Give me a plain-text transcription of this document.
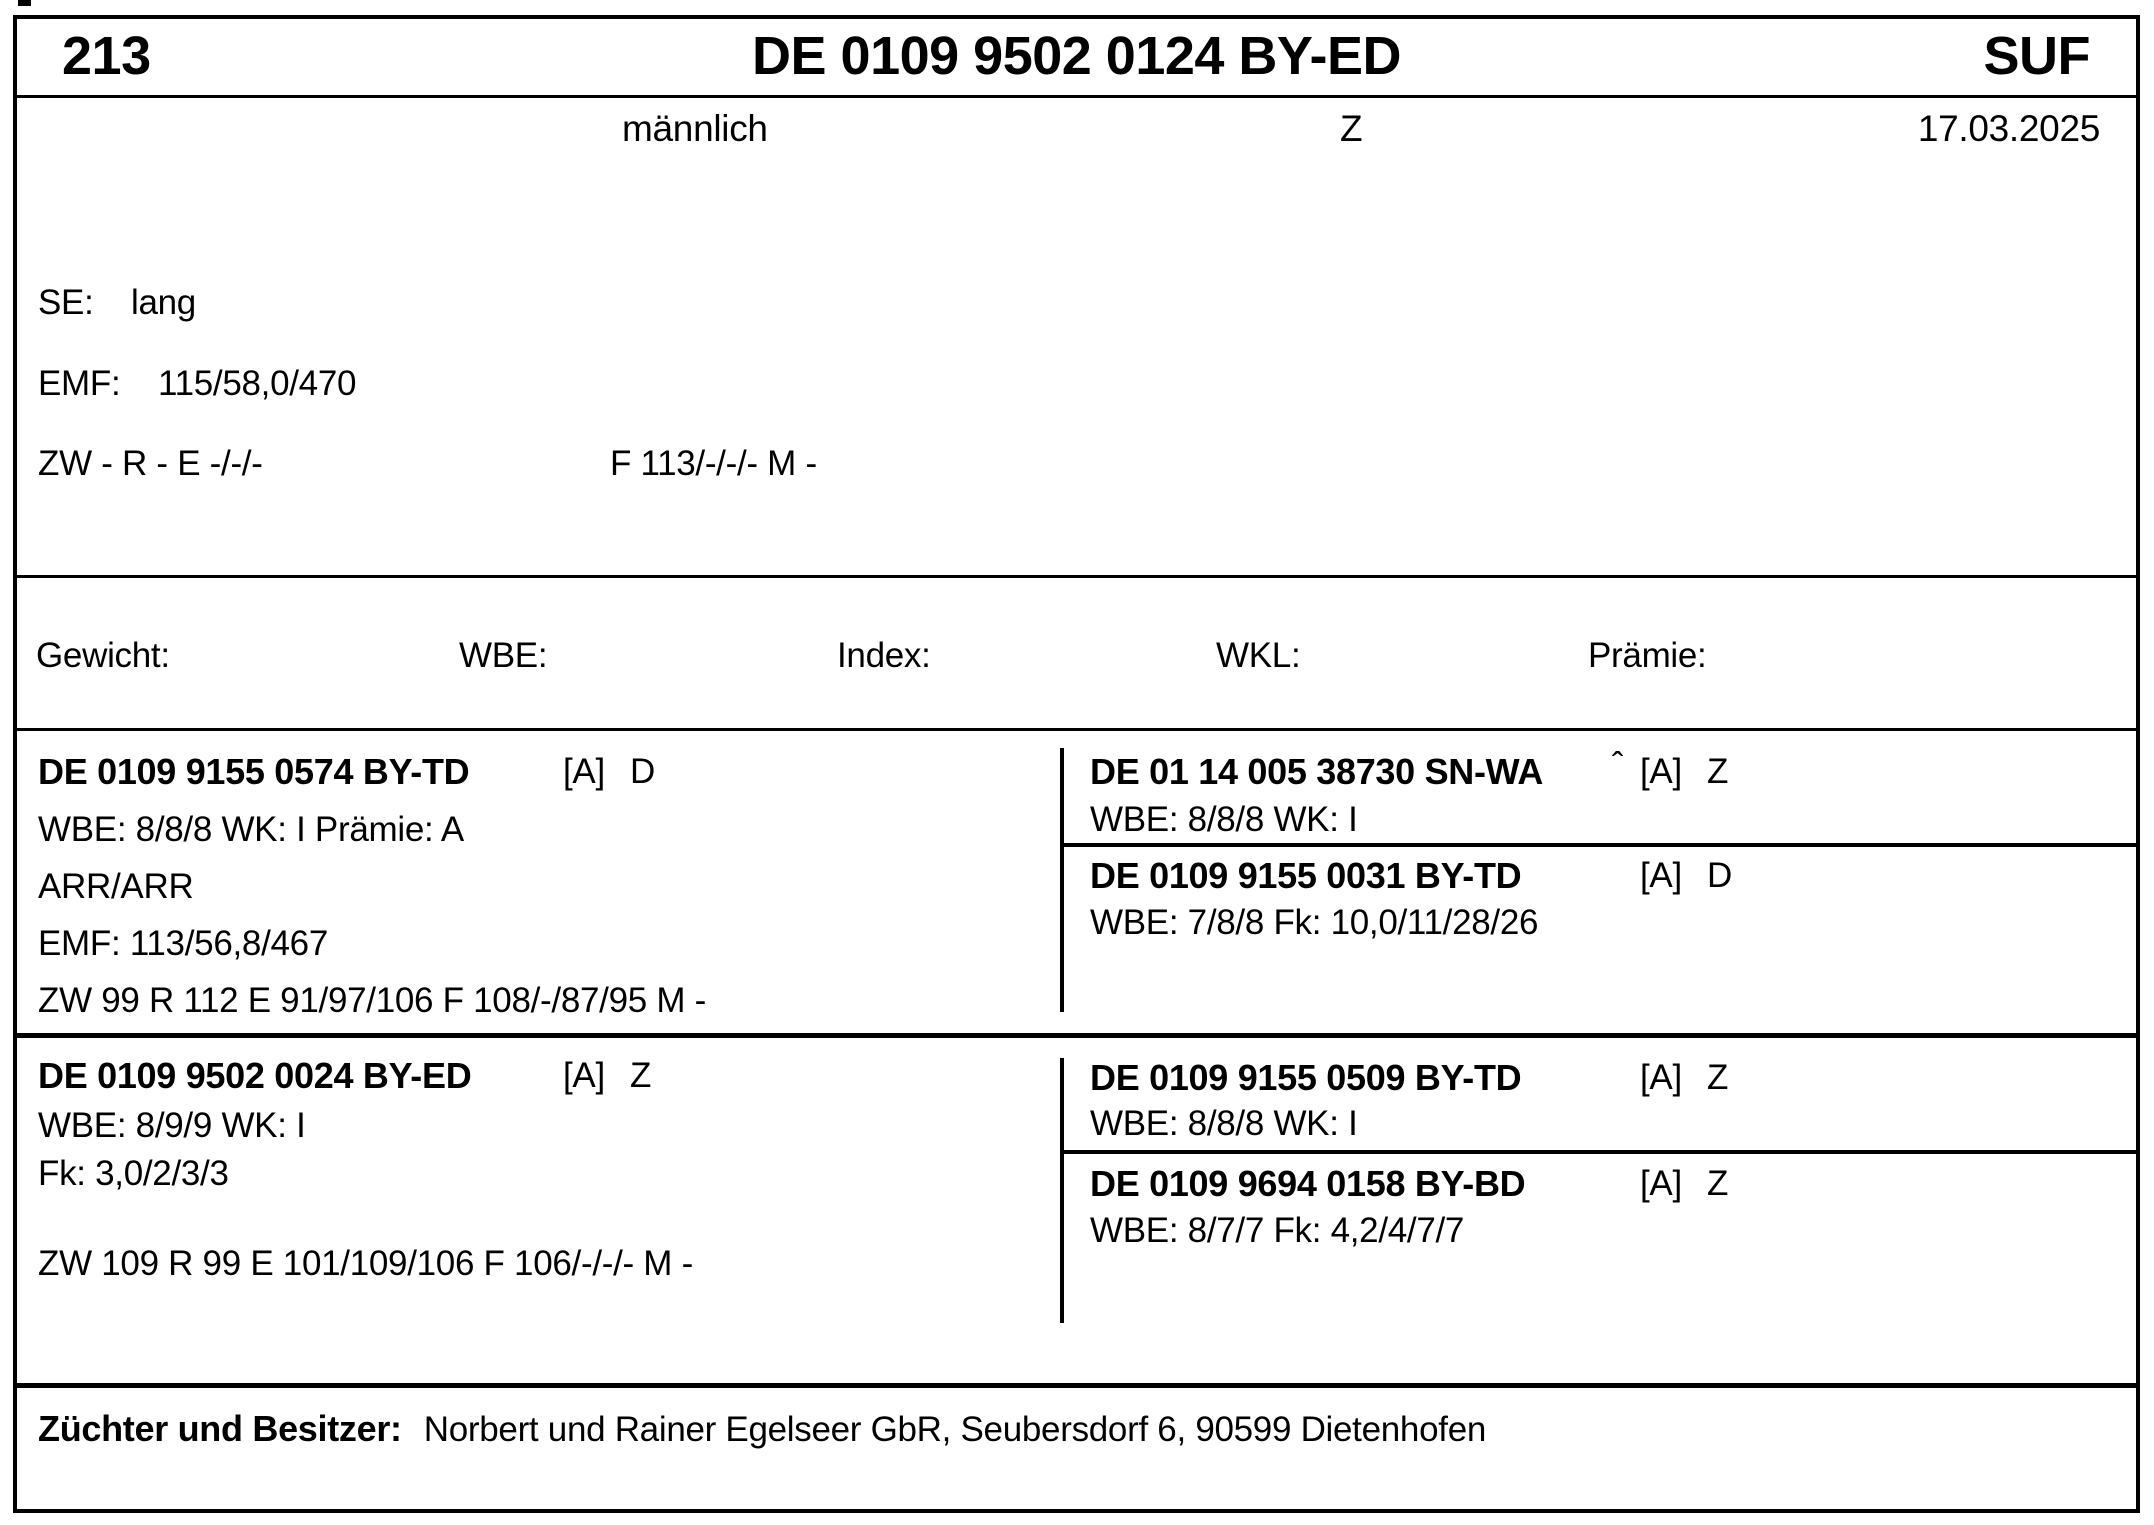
213	DE 0109 9502 0124 BY-ED	SUF
männlich	Z	17.03.2025
SE: lang
EMF: 115/58,0/470
ZW - R - E -/-/-	F 113/-/-/- M -
Gewicht:	WBE:	Index:	WKL:	Prämie:
DE 0109 9155 0574 BY-TD	[A] D
WBE: 8/8/8 WK: I Prämie: A
ARR/ARR
EMF: 113/56,8/467
ZW 99 R 112 E 91/97/106 F 108/-/87/95 M -
DE 01 14 005 38730 SN-WA ˆ [A] Z
WBE: 8/8/8 WK: I
DE 0109 9155 0031 BY-TD	[A] D
WBE: 7/8/8 Fk: 10,0/11/28/26
DE 0109 9502 0024 BY-ED	[A] Z
WBE: 8/9/9 WK: I
Fk: 3,0/2/3/3
ZW 109 R 99 E 101/109/106 F 106/-/-/- M -
DE 0109 9155 0509 BY-TD	[A] Z
WBE: 8/8/8 WK: I
DE 0109 9694 0158 BY-BD	[A] Z
WBE: 8/7/7 Fk: 4,2/4/7/7
Züchter und Besitzer: Norbert und Rainer Egelseer GbR, Seubersdorf 6, 90599 Dietenhofen
